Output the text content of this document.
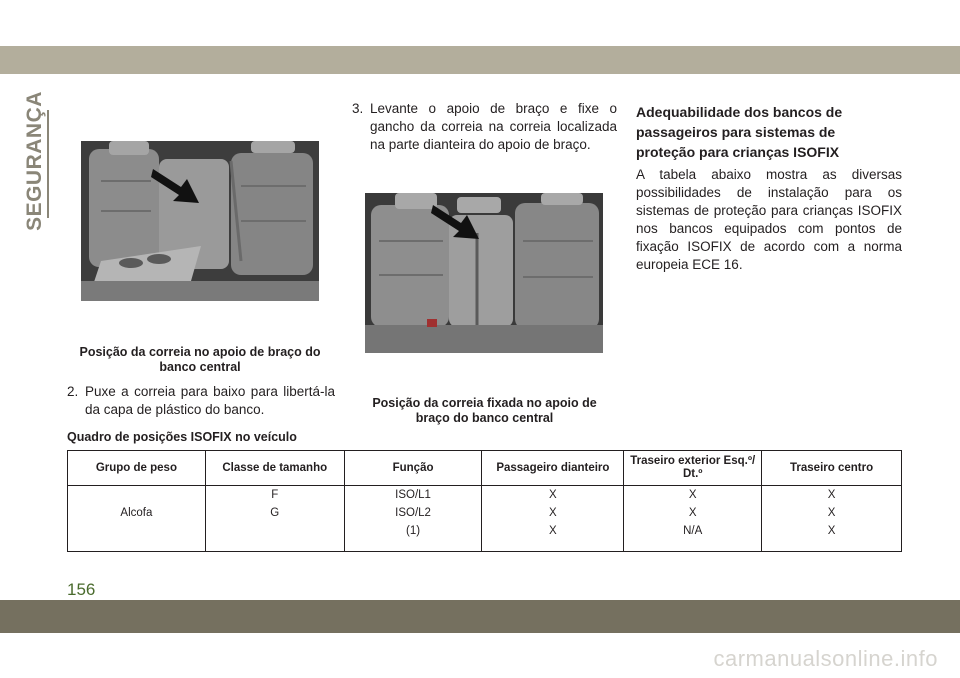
SEGURANÇA
Posição da correia no apoio de braço do banco central
2. Puxe a correia para baixo para libertá-la da capa de plástico do banco.
3. Levante o apoio de braço e fixe o gancho da correia na correia localizada na parte dianteira do apoio de braço.
Posição da correia fixada no apoio de braço do banco central
Adequabilidade dos bancos de passageiros para sistemas de proteção para crianças ISOFIX
A tabela abaixo mostra as diversas possibilidades de instalação para os sistemas de proteção para crianças ISOFIX nos bancos equipados com pontos de fixação ISOFIX de acordo com a norma europeia ECE 16.
Quadro de posições ISOFIX no veículo
Grupo de peso	Classe de tamanho	Função	Passageiro dianteiro	Traseiro exterior Esq.º/ Dt.º	Traseiro centro
Alcofa	F	ISO/L1	X	X	X
	G	ISO/L2	X	X	X
		(1)	X	N/A	X
156
carmanualsonline.info
